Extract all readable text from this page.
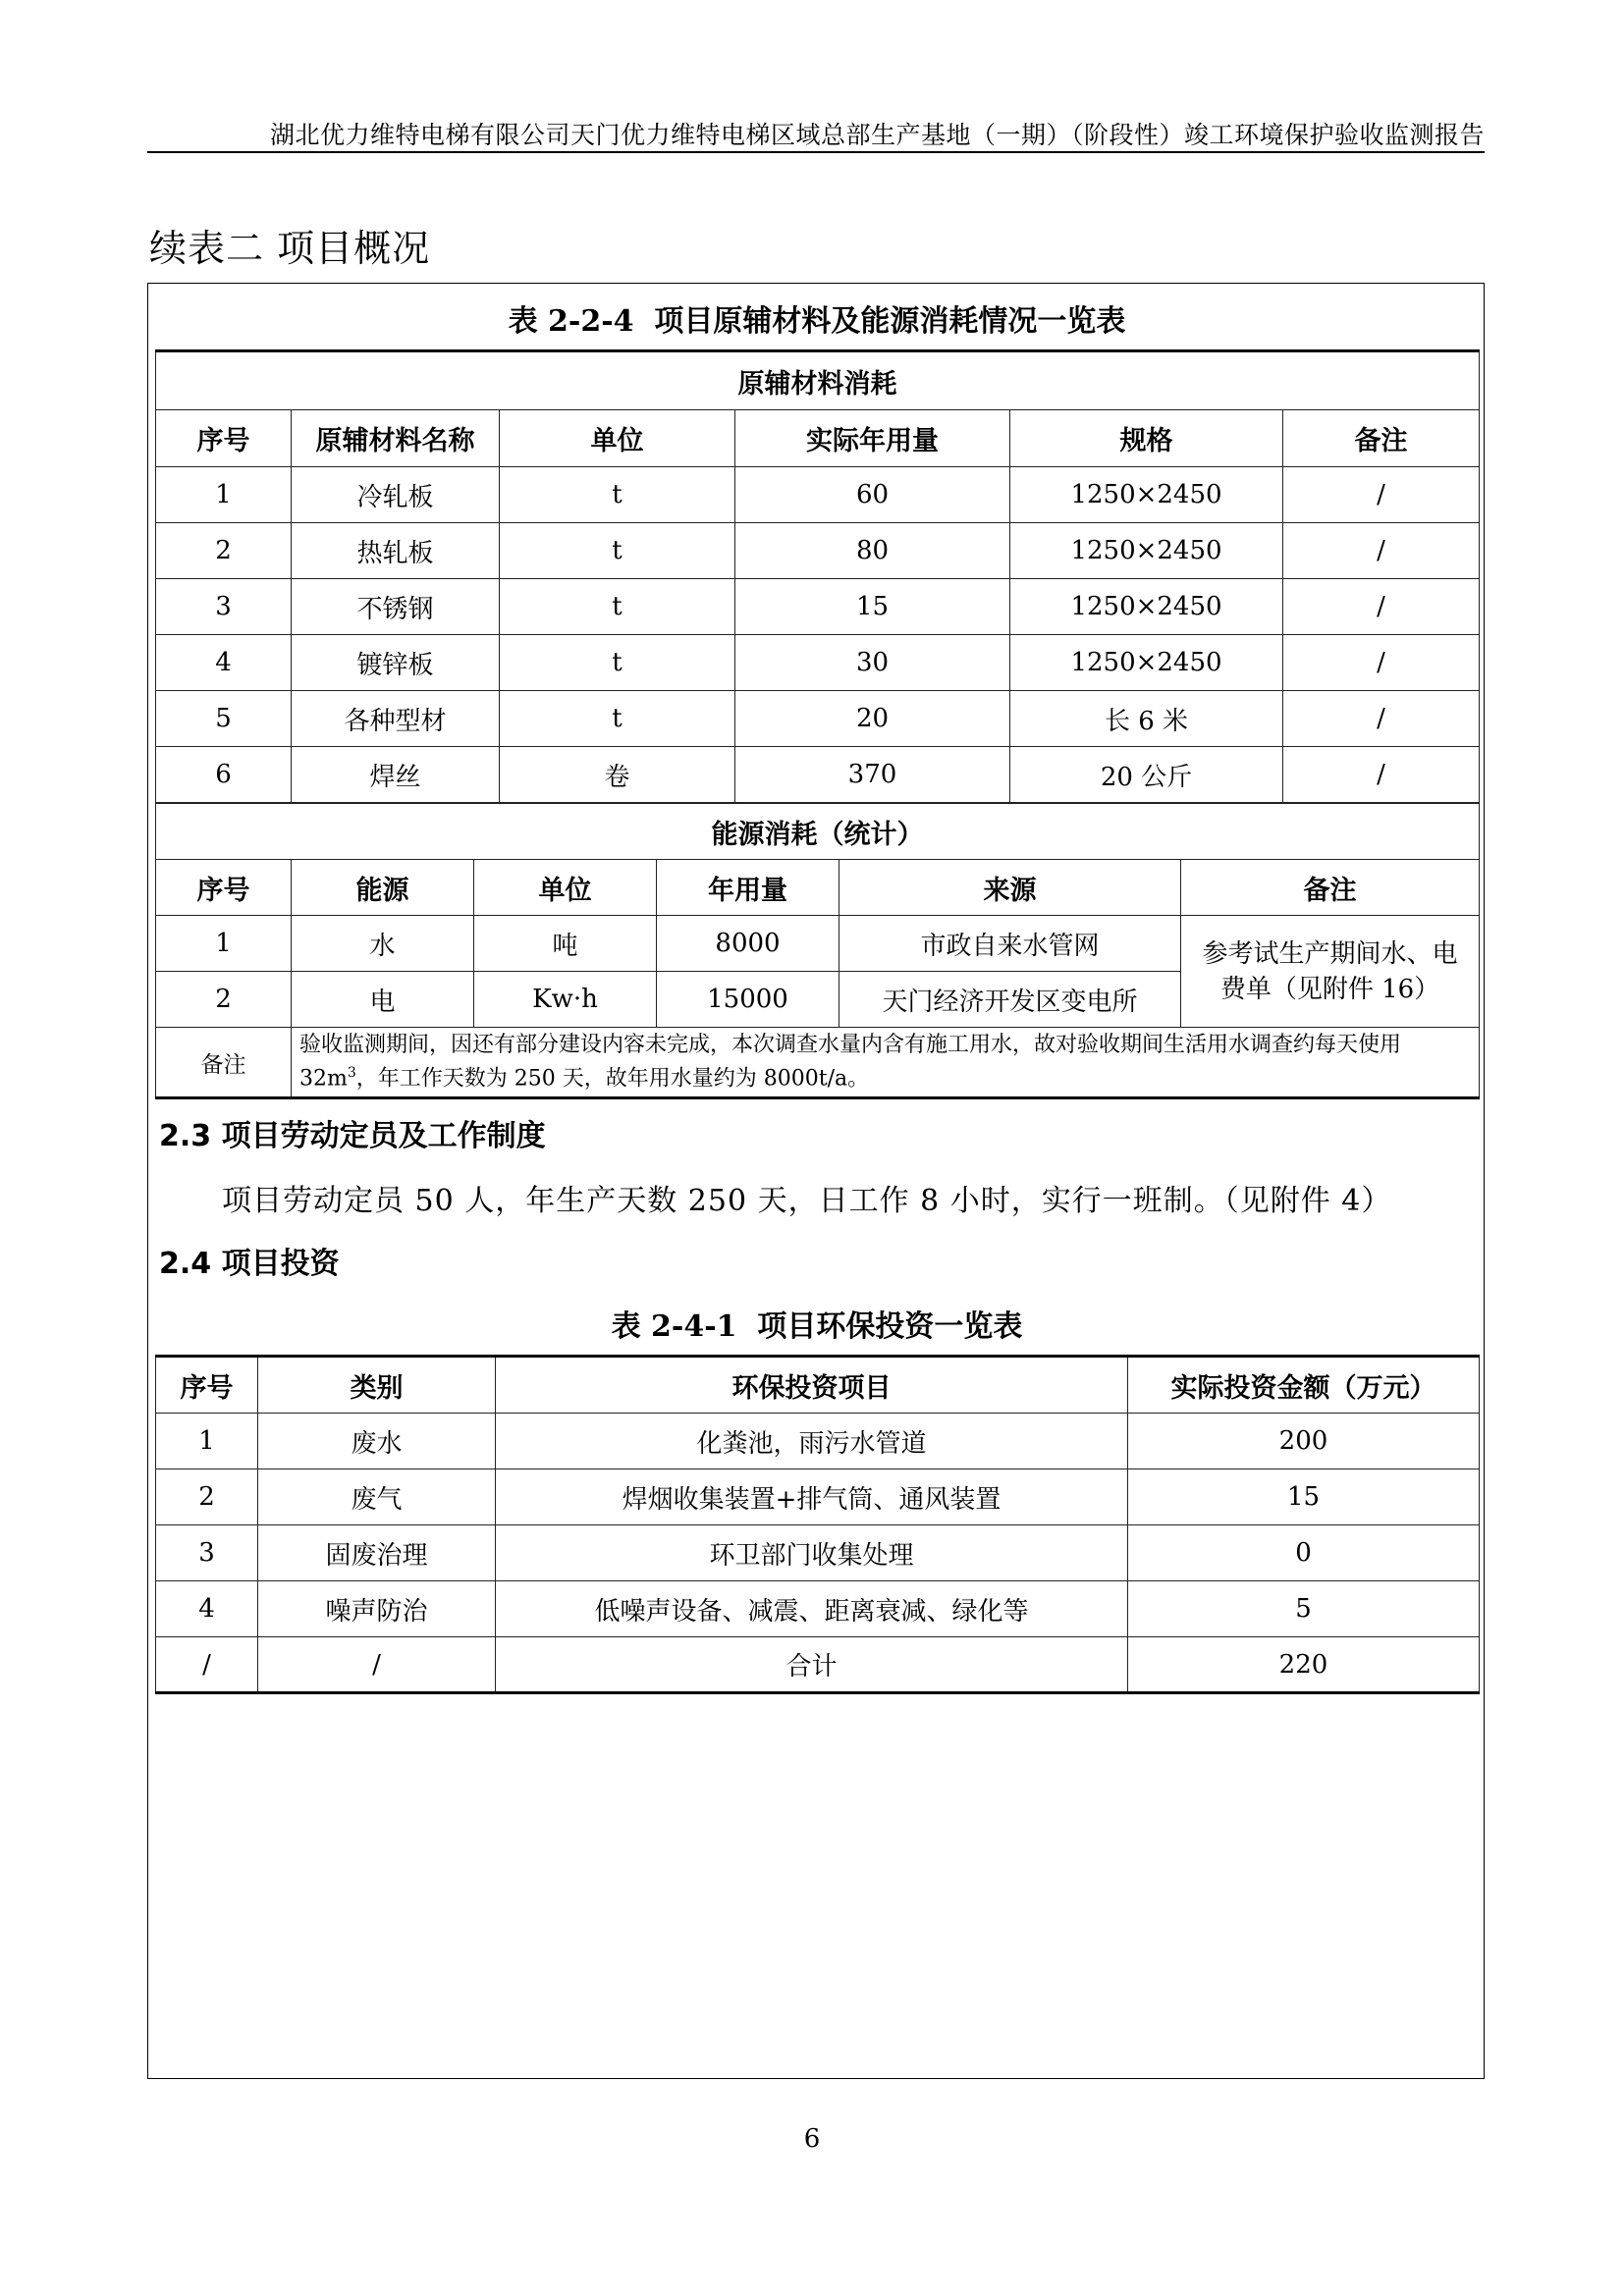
湖北优力维特电梯有限公司天门优力维特电梯区域总部生产基地（一期）（阶段性）竣工环境保护验收监测报告
续表二 项目概况
表 2-2-4 项目原辅材料及能源消耗情况一览表
原辅材料消耗					
序号	原辅材料名称	单位	实际年用量	规格	备注
1	冷轧板	t	60	1250×2450	/
2	热轧板	t	80	1250×2450	/
3	不锈钢	t	15	1250×2450	/
4	镀锌板	t	30	1250×2450	/
5	各种型材	t	20	长 6 米	/
6	焊丝	卷	370	20 公斤	/
能源消耗（统计）					
序号	能源	单位	年用量	来源	备注
1	水	吨	8000	市政自来水管网	参考试生产期间水、电费单（见附件 16）
2	电	Kw·h	15000	天门经济开发区变电所	
备注	验收监测期间，因还有部分建设内容未完成，本次调查水量内含有施工用水，故对验收期间生活用水调查约每天使用 $32m^3$，年工作天数为 250 天，故年用水量约为 8000t/a。				
2.3 项目劳动定员及工作制度
项目劳动定员 50 人，年生产天数 250 天，日工作 8 小时，实行一班制。（见附件 4）
2.4 项目投资
表 2-4-1 项目环保投资一览表
序号	类别	环保投资项目	实际投资金额（万元）
1	废水	化粪池，雨污水管道	200
2	废气	焊烟收集装置+排气筒、通风装置	15
3	固废治理	环卫部门收集处理	0
4	噪声防治	低噪声设备、减震、距离衰减、绿化等	5
/	/	合计	220
6
